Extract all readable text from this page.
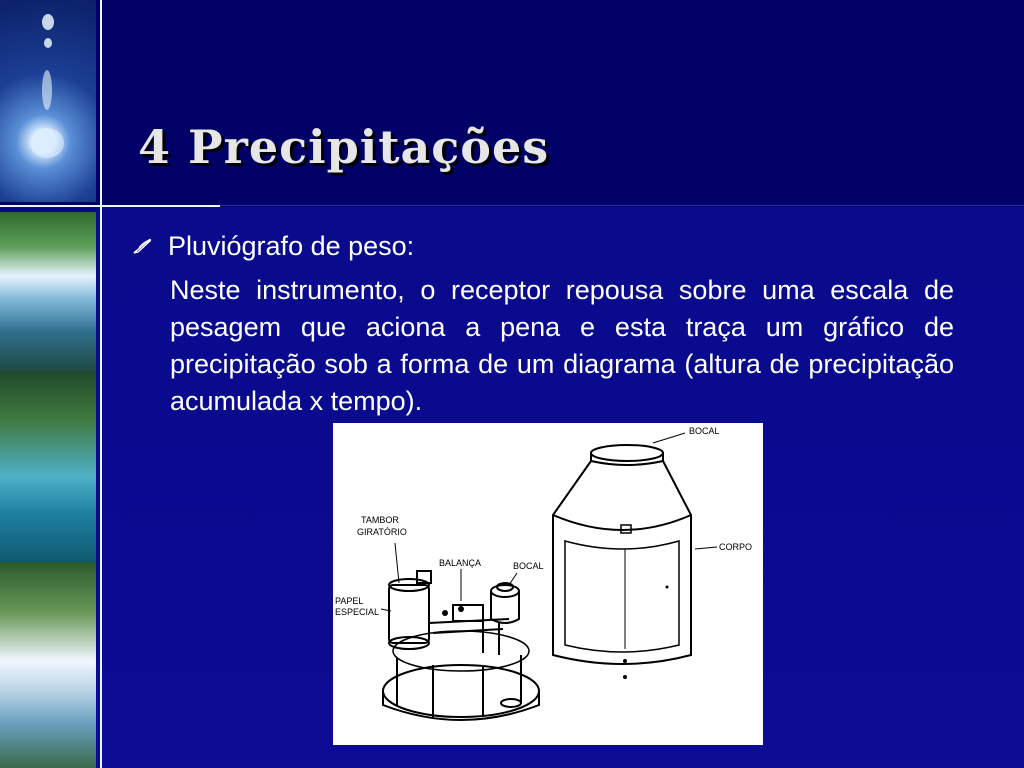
4 Precipitações
Pluviógrafo de peso:
Neste instrumento, o receptor repousa sobre uma escala de pesagem que aciona a pena e esta traça um gráfico de precipitação sob a forma de um diagrama (altura de precipitação acumulada x tempo).
BOCAL
CORPO
TAMBOR
GIRATÓRIO
BALANÇA	BOCAL
PAPEL
ESPECIAL
